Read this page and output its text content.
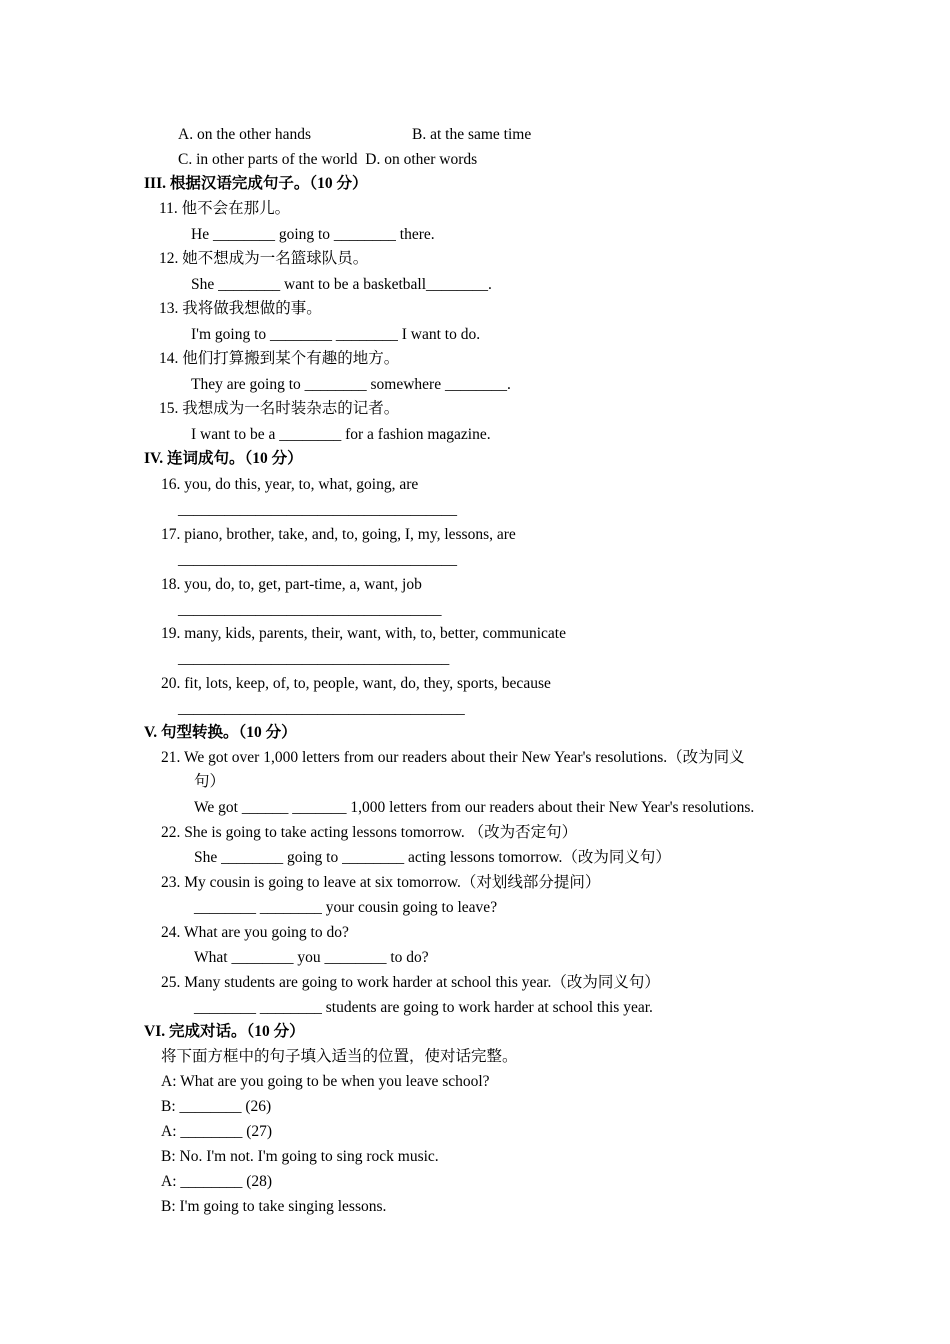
A. on the other hands	B. at the same time
C. in other parts of the world  D. on other words
III. 根据汉语完成句子。（10 分）
11. 他不会在那儿。
He ________ going to ________ there.
12. 她不想成为一名篮球队员。
She ________ want to be a basketball________.
13. 我将做我想做的事。
I'm going to ________ ________ I want to do.
14. 他们打算搬到某个有趣的地方。
They are going to ________ somewhere ________.
15. 我想成为一名时装杂志的记者。
I want to be a ________ for a fashion magazine.
IV. 连词成句。（10 分）
16. you, do this, year, to, what, going, are
____________________________________
17. piano, brother, take, and, to, going, I, my, lessons, are
____________________________________
18. you, do, to, get, part-time, a, want, job
__________________________________
19. many, kids, parents, their, want, with, to, better, communicate
___________________________________
20. fit, lots, keep, of, to, people, want, do, they, sports, because
_____________________________________
V. 句型转换。（10 分）
21. We got over 1,000 letters from our readers about their New Year's resolutions.（改为同义
句）
We got ______ _______ 1,000 letters from our readers about their New Year's resolutions.
22. She is going to take acting lessons tomorrow. （改为否定句）
She ________ going to ________ acting lessons tomorrow.（改为同义句）
23. My cousin is going to leave at six tomorrow.（对划线部分提问）
________ ________ your cousin going to leave?
24. What are you going to do?
What ________ you ________ to do?
25. Many students are going to work harder at school this year.（改为同义句）
________ ________ students are going to work harder at school this year.
VI. 完成对话。（10 分）
将下面方框中的句子填入适当的位置，使对话完整。
A: What are you going to be when you leave school?
B: ________ (26)
A: ________ (27)
B: No. I'm not. I'm going to sing rock music.
A: ________ (28)
B: I'm going to take singing lessons.
